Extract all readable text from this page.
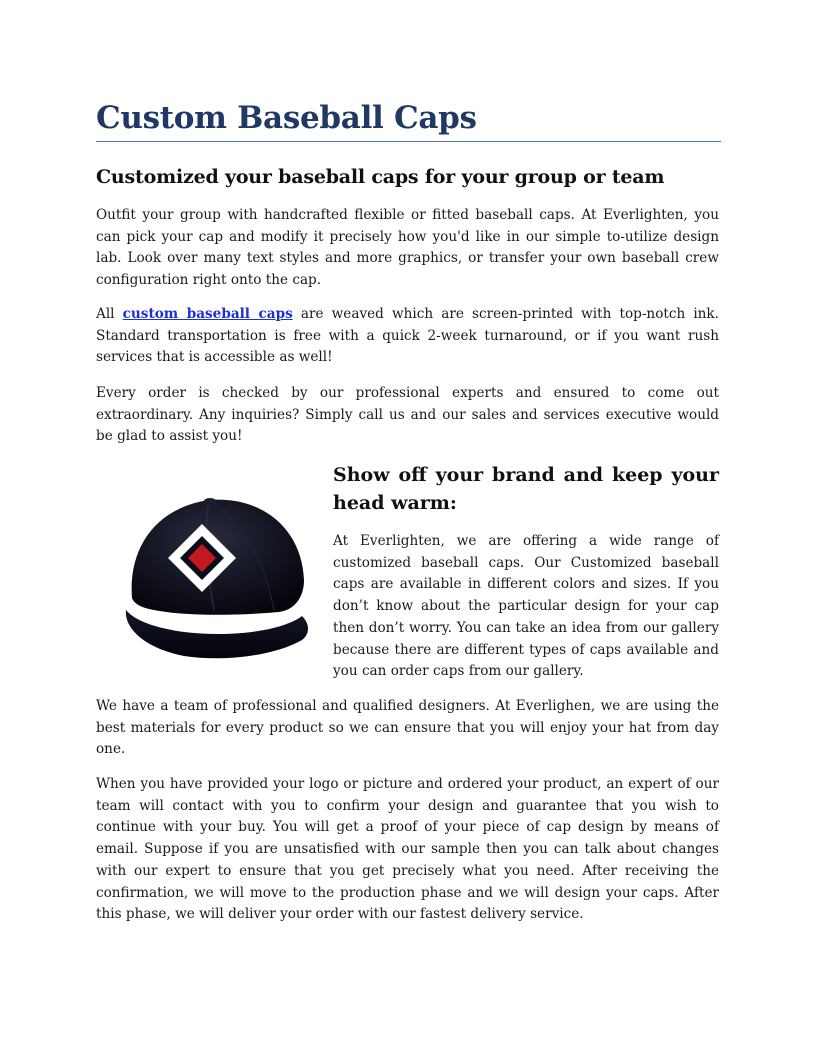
Custom Baseball Caps
Customized your baseball caps for your group or team

Outfit your group with handcrafted flexible or fitted baseball caps. At Everlighten, you can pick your cap and modify it precisely how you'd like in our simple to-utilize design lab. Look over many text styles and more graphics, or transfer your own baseball crew configuration right onto the cap.

All custom baseball caps are weaved which are screen-printed with top-notch ink. Standard transportation is free with a quick 2-week turnaround, or if you want rush services that is accessible as well!

Every order is checked by our professional experts and ensured to come out extraordinary. Any inquiries? Simply call us and our sales and services executive would be glad to assist you!

Show off your brand and keep your head warm:

At Everlighten, we are offering a wide range of customized baseball caps. Our Customized baseball caps are available in different colors and sizes. If you don’t know about the particular design for your cap then don’t worry. You can take an idea from our gallery because there are different types of caps available and you can order caps from our gallery.

We have a team of professional and qualified designers. At Everlighen, we are using the best materials for every product so we can ensure that you will enjoy your hat from day one.

When you have provided your logo or picture and ordered your product, an expert of our team will contact with you to confirm your design and guarantee that you wish to continue with your buy. You will get a proof of your piece of cap design by means of email. Suppose if you are unsatisfied with our sample then you can talk about changes with our expert to ensure that you get precisely what you need. After receiving the confirmation, we will move to the production phase and we will design your caps. After this phase, we will deliver your order with our fastest delivery service.
